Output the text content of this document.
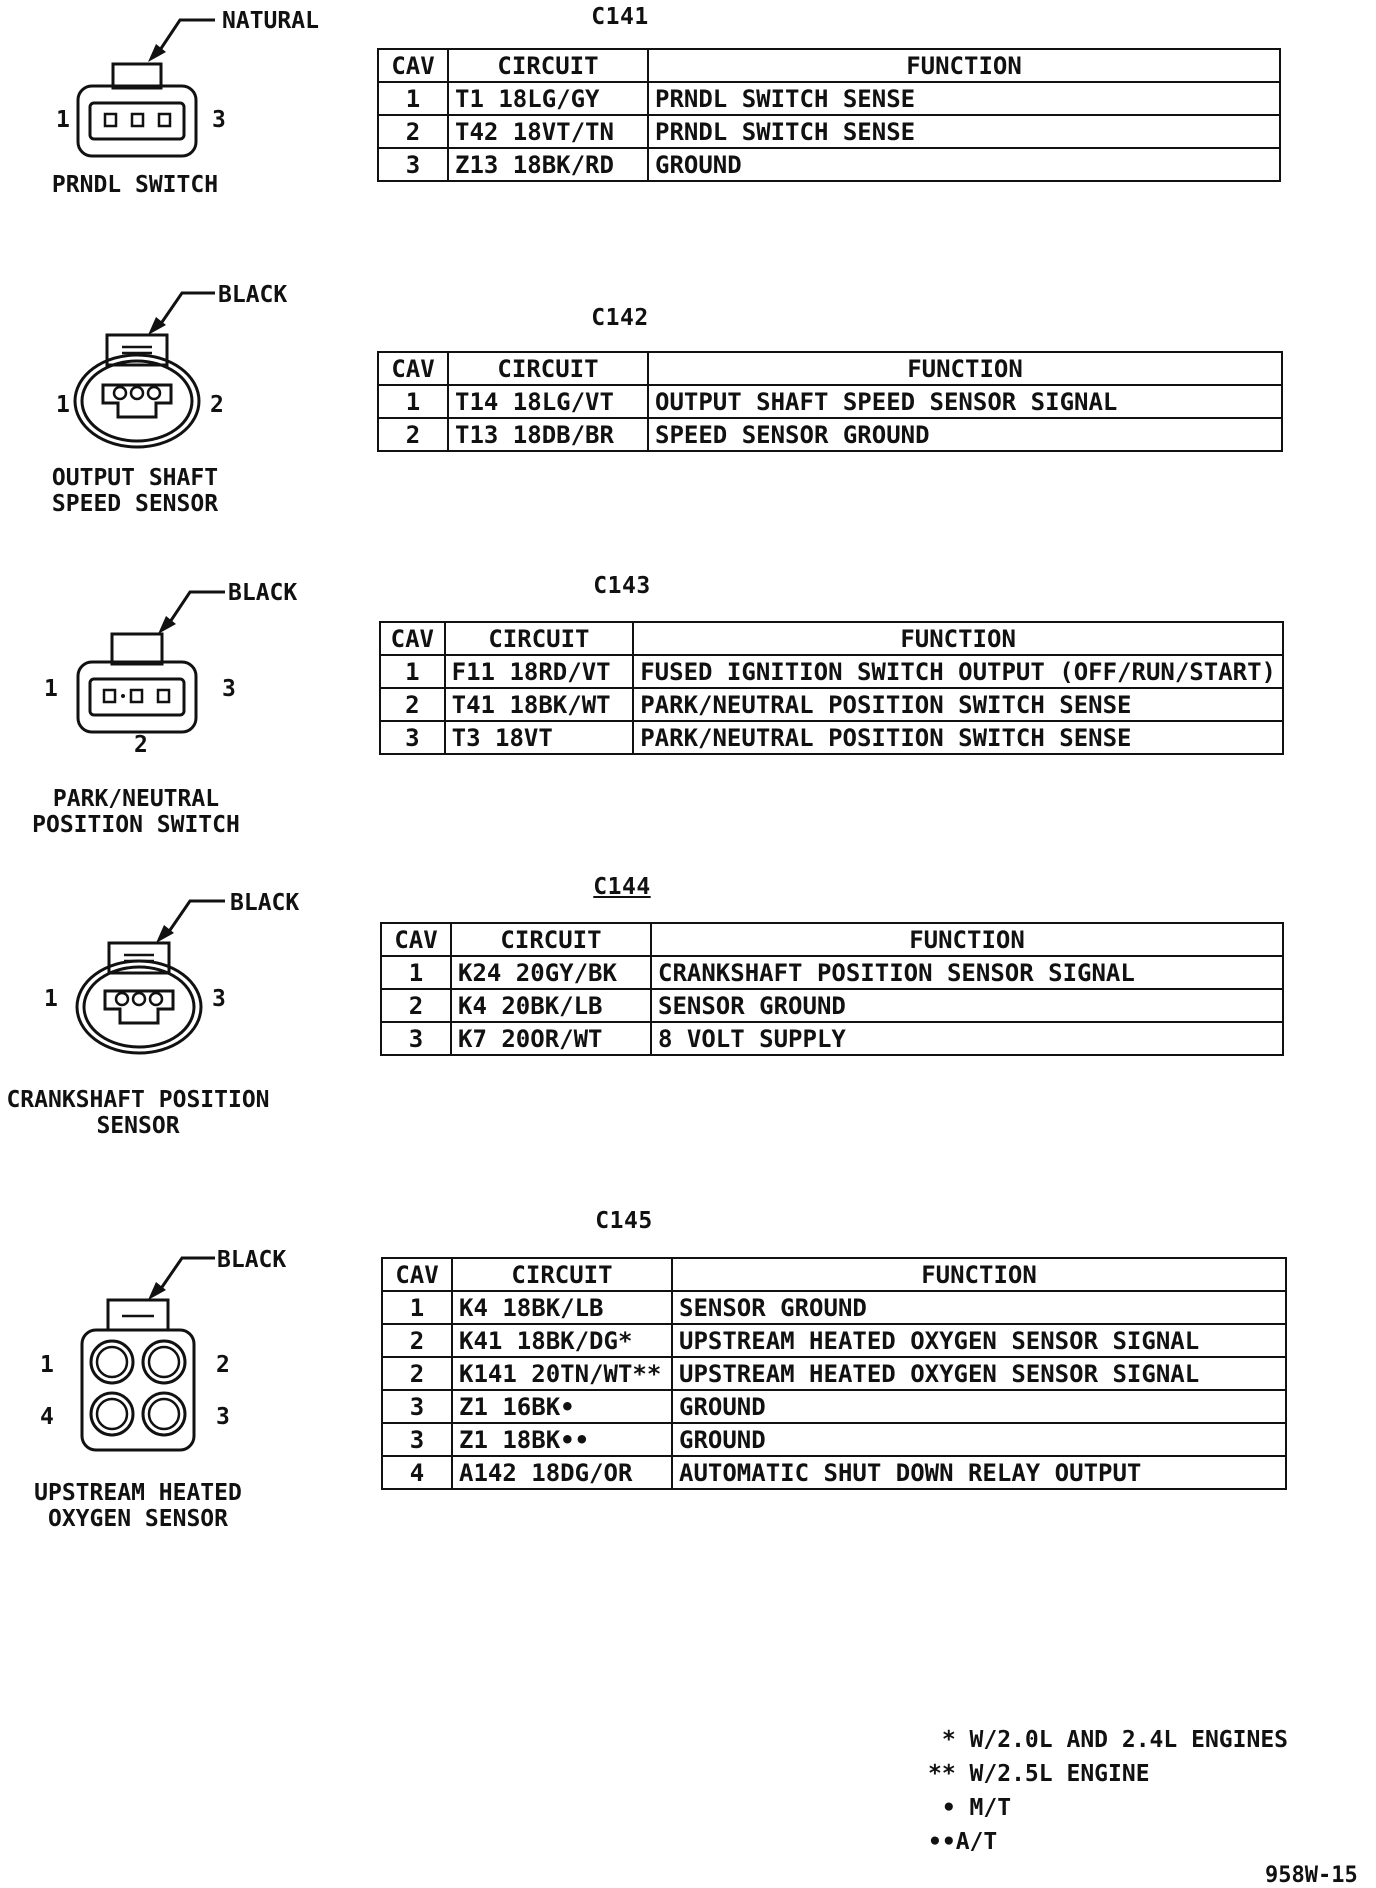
C141
NATURAL
1	3
PRNDL SWITCH
CAV	CIRCUIT	FUNCTION
1	T1 18LG/GY	PRNDL SWITCH SENSE
2	T42 18VT/TN	PRNDL SWITCH SENSE
3	Z13 18BK/RD	GROUND
C142
BLACK
1	2
OUTPUT SHAFT
SPEED SENSOR
CAV	CIRCUIT	FUNCTION
1	T14 18LG/VT	OUTPUT SHAFT SPEED SENSOR SIGNAL
2	T13 18DB/BR	SPEED SENSOR GROUND
C143
BLACK
1	3
2
PARK/NEUTRAL
POSITION SWITCH
CAV	CIRCUIT	FUNCTION
1	F11 18RD/VT	FUSED IGNITION SWITCH OUTPUT (OFF/RUN/START)
2	T41 18BK/WT	PARK/NEUTRAL POSITION SWITCH SENSE
3	T3 18VT	PARK/NEUTRAL POSITION SWITCH SENSE
C144
BLACK
1	3
CRANKSHAFT POSITION
SENSOR
CAV	CIRCUIT	FUNCTION
1	K24 20GY/BK	CRANKSHAFT POSITION SENSOR SIGNAL
2	K4 20BK/LB	SENSOR GROUND
3	K7 20OR/WT	8 VOLT SUPPLY
C145
BLACK
1	2
4	3
UPSTREAM HEATED
OXYGEN SENSOR
CAV	CIRCUIT	FUNCTION
1	K4 18BK/LB	SENSOR GROUND
2	K41 18BK/DG*	UPSTREAM HEATED OXYGEN SENSOR SIGNAL
2	K141 20TN/WT**	UPSTREAM HEATED OXYGEN SENSOR SIGNAL
3	Z1 16BK•	GROUND
3	Z1 18BK••	GROUND
4	A142 18DG/OR	AUTOMATIC SHUT DOWN RELAY OUTPUT
* W/2.0L AND 2.4L ENGINES
** W/2.5L ENGINE
• M/T
••A/T
958W-15
